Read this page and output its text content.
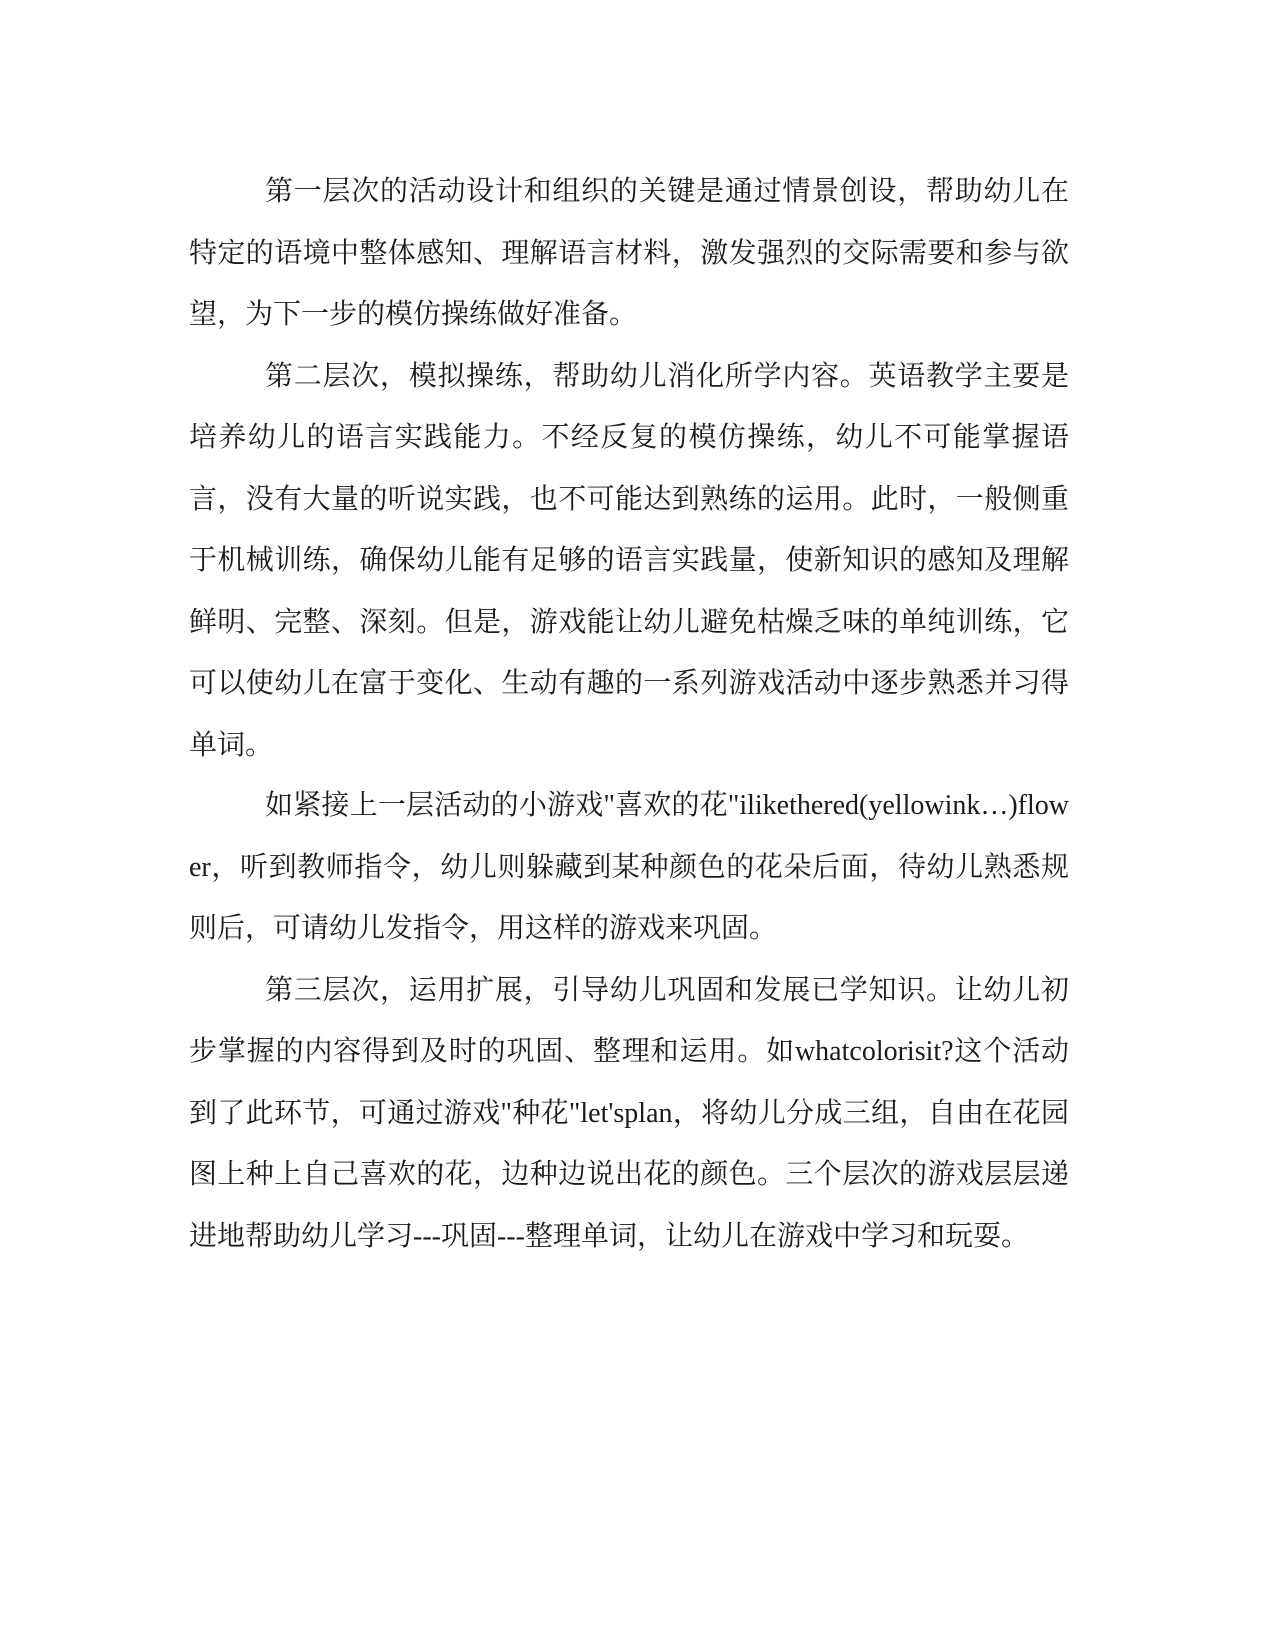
第一层次的活动设计和组织的关键是通过情景创设，帮助幼儿在特定的语境中整体感知、理解语言材料，激发强烈的交际需要和参与欲望，为下一步的模仿操练做好准备。

第二层次，模拟操练，帮助幼儿消化所学内容。英语教学主要是培养幼儿的语言实践能力。不经反复的模仿操练，幼儿不可能掌握语言，没有大量的听说实践，也不可能达到熟练的运用。此时，一般侧重于机械训练，确保幼儿能有足够的语言实践量，使新知识的感知及理解鲜明、完整、深刻。但是，游戏能让幼儿避免枯燥乏味的单纯训练，它可以使幼儿在富于变化、生动有趣的一系列游戏活动中逐步熟悉并习得单词。

如紧接上一层活动的小游戏"喜欢的花"ilikethered(yellowink…)flower，听到教师指令，幼儿则躲藏到某种颜色的花朵后面，待幼儿熟悉规则后，可请幼儿发指令，用这样的游戏来巩固。

第三层次，运用扩展，引导幼儿巩固和发展已学知识。让幼儿初步掌握的内容得到及时的巩固、整理和运用。如whatcolorisit?这个活动到了此环节，可通过游戏"种花"let'splan，将幼儿分成三组，自由在花园图上种上自己喜欢的花，边种边说出花的颜色。三个层次的游戏层层递进地帮助幼儿学习---巩固---整理单词，让幼儿在游戏中学习和玩耍。
